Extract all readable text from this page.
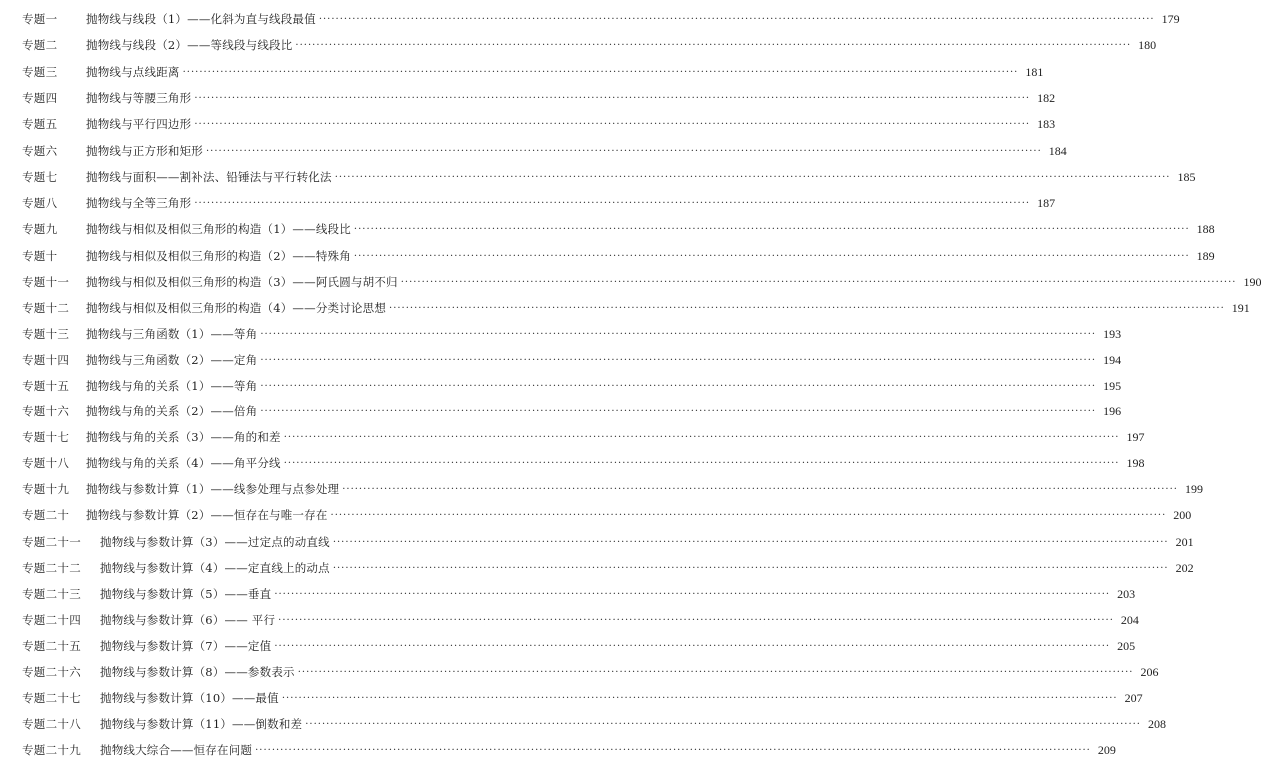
专题一	抛物线与线段（1）——化斜为直与线段最值 ········································································································································································································ 179
专题二	抛物线与线段（2）——等线段与线段比 ········································································································································································································ 180
专题三	抛物线与点线距离 ········································································································································································································ 181
专题四	抛物线与等腰三角形 ········································································································································································································ 182
专题五	抛物线与平行四边形 ········································································································································································································ 183
专题六	抛物线与正方形和矩形 ········································································································································································································ 184
专题七	抛物线与面积——割补法、铅锤法与平行转化法 ········································································································································································································ 185
专题八	抛物线与全等三角形 ········································································································································································································ 187
专题九	抛物线与相似及相似三角形的构造（1）——线段比 ········································································································································································································ 188
专题十	抛物线与相似及相似三角形的构造（2）——特殊角 ········································································································································································································ 189
专题十一	抛物线与相似及相似三角形的构造（3）——阿氏圆与胡不归 ········································································································································································································ 190
专题十二	抛物线与相似及相似三角形的构造（4）——分类讨论思想 ········································································································································································································ 191
专题十三	抛物线与三角函数（1）——等角 ········································································································································································································ 193
专题十四	抛物线与三角函数（2）——定角 ········································································································································································································ 194
专题十五	抛物线与角的关系（1）——等角 ········································································································································································································ 195
专题十六	抛物线与角的关系（2）——倍角 ········································································································································································································ 196
专题十七	抛物线与角的关系（3）——角的和差 ········································································································································································································ 197
专题十八	抛物线与角的关系（4）——角平分线 ········································································································································································································ 198
专题十九	抛物线与参数计算（1）——线参处理与点参处理 ········································································································································································································ 199
专题二十	抛物线与参数计算（2）——恒存在与唯一存在 ········································································································································································································ 200
专题二十一	抛物线与参数计算（3）——过定点的动直线 ········································································································································································································ 201
专题二十二	抛物线与参数计算（4）——定直线上的动点 ········································································································································································································ 202
专题二十三	抛物线与参数计算（5）——垂直 ········································································································································································································ 203
专题二十四	抛物线与参数计算（6）—— 平行 ········································································································································································································ 204
专题二十五	抛物线与参数计算（7）——定值 ········································································································································································································ 205
专题二十六	抛物线与参数计算（8）——参数表示 ········································································································································································································ 206
专题二十七	抛物线与参数计算（10）——最值 ········································································································································································································ 207
专题二十八	抛物线与参数计算（11）——倒数和差 ········································································································································································································ 208
专题二十九	抛物线大综合——恒存在问题 ········································································································································································································ 209
